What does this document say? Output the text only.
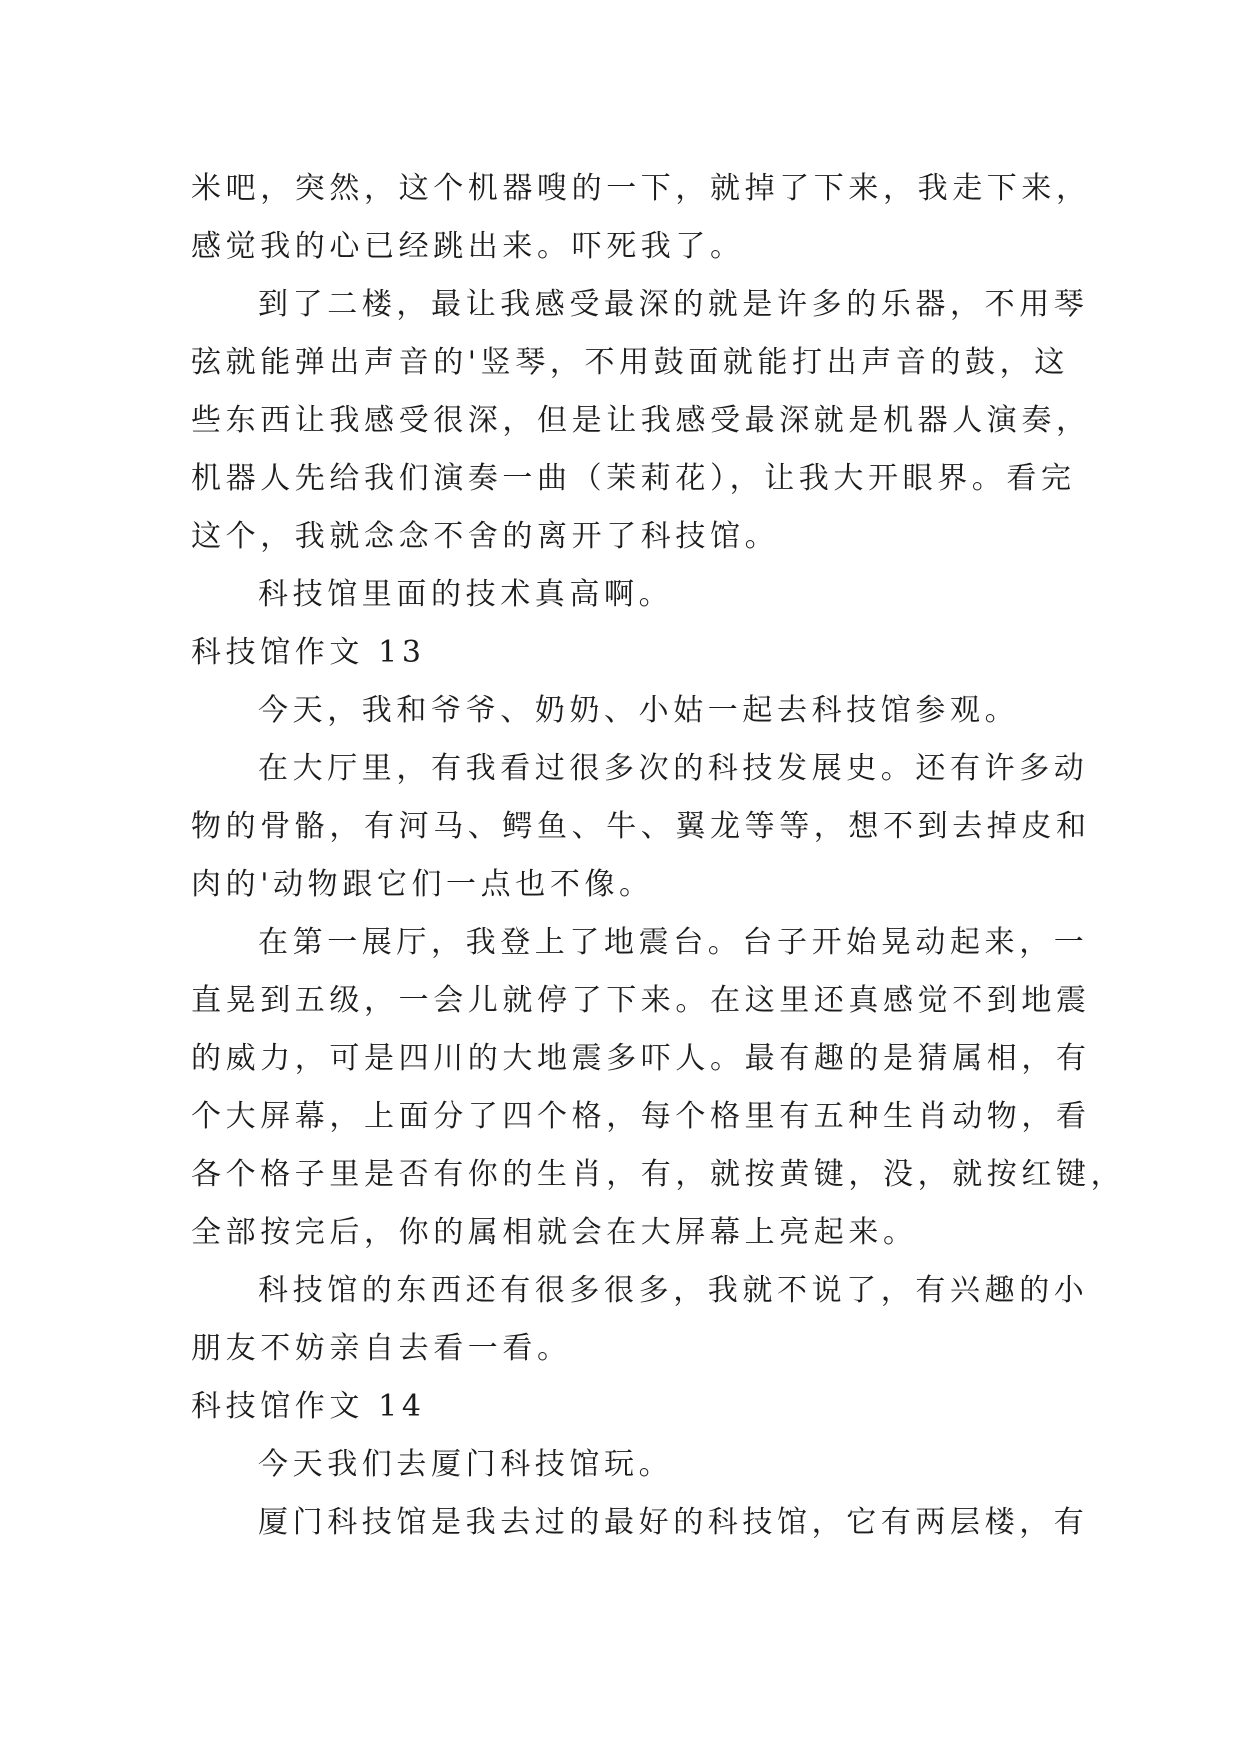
米吧，突然，这个机器嗖的一下，就掉了下来，我走下来，
感觉我的心已经跳出来。吓死我了。
到了二楼，最让我感受最深的就是许多的乐器，不用琴
弦就能弹出声音的'竖琴，不用鼓面就能打出声音的鼓，这
些东西让我感受很深，但是让我感受最深就是机器人演奏，
机器人先给我们演奏一曲（茉莉花），让我大开眼界。看完
这个，我就念念不舍的离开了科技馆。
科技馆里面的技术真高啊。
科技馆作文 13
今天，我和爷爷、奶奶、小姑一起去科技馆参观。
在大厅里，有我看过很多次的科技发展史。还有许多动
物的骨骼，有河马、鳄鱼、牛、翼龙等等，想不到去掉皮和
肉的'动物跟它们一点也不像。
在第一展厅，我登上了地震台。台子开始晃动起来，一
直晃到五级，一会儿就停了下来。在这里还真感觉不到地震
的威力，可是四川的大地震多吓人。最有趣的是猜属相，有
个大屏幕，上面分了四个格，每个格里有五种生肖动物，看
各个格子里是否有你的生肖，有，就按黄键，没，就按红键，
全部按完后，你的属相就会在大屏幕上亮起来。
科技馆的东西还有很多很多，我就不说了，有兴趣的小
朋友不妨亲自去看一看。
科技馆作文 14
今天我们去厦门科技馆玩。
厦门科技馆是我去过的最好的科技馆，它有两层楼，有
